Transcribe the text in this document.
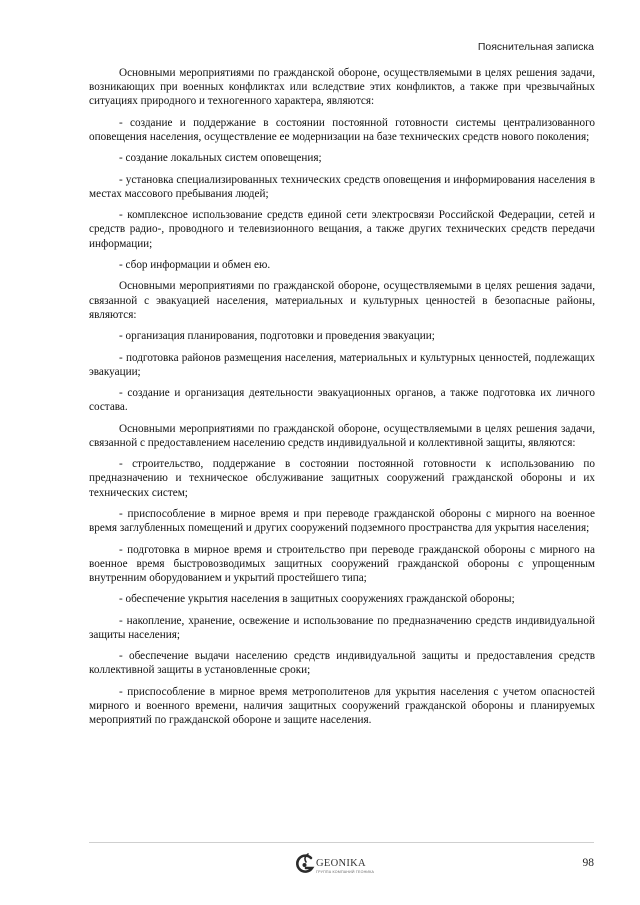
Пояснительная записка

Основными мероприятиями по гражданской обороне, осуществляемыми в целях решения задачи, возникающих при военных конфликтах или вследствие этих конфликтов, а также при чрезвычайных ситуациях природного и техногенного характера, являются:

- создание и поддержание в состоянии постоянной готовности системы централизованного оповещения населения, осуществление ее модернизации на базе технических средств нового поколения;

- создание локальных систем оповещения;

- установка специализированных технических средств оповещения и информирования населения в местах массового пребывания людей;

- комплексное использование средств единой сети электросвязи Российской Федерации, сетей и средств радио-, проводного и телевизионного вещания, а также других технических средств передачи информации;

- сбор информации и обмен ею.

Основными мероприятиями по гражданской обороне, осуществляемыми в целях решения задачи, связанной с эвакуацией населения, материальных и культурных ценностей в безопасные районы, являются:

- организация планирования, подготовки и проведения эвакуации;

- подготовка районов размещения населения, материальных и культурных ценностей, подлежащих эвакуации;

- создание и организация деятельности эвакуационных органов, а также подготовка их личного состава.

Основными мероприятиями по гражданской обороне, осуществляемыми в целях решения задачи, связанной с предоставлением населению средств индивидуальной и коллективной защиты, являются:

- строительство, поддержание в состоянии постоянной готовности к использованию по предназначению и техническое обслуживание защитных сооружений гражданской обороны и их технических систем;

- приспособление в мирное время и при переводе гражданской обороны с мирного на военное время заглубленных помещений и других сооружений подземного пространства для укрытия населения;

- подготовка в мирное время и строительство при переводе гражданской обороны с мирного на военное время быстровозводимых защитных сооружений гражданской обороны с упрощенным внутренним оборудованием и укрытий простейшего типа;

- обеспечение укрытия населения в защитных сооружениях гражданской обороны;

- накопление, хранение, освежение и использование по предназначению средств индивидуальной защиты населения;

- обеспечение выдачи населению средств индивидуальной защиты и предоставления средств коллективной защиты в установленные сроки;

- приспособление в мирное время метрополитенов для укрытия населения с учетом опасностей мирного и военного времени, наличия защитных сооружений гражданской обороны и планируемых мероприятий по гражданской обороне и защите населения.

GEONIKA
ГРУППА КОМПАНИЙ ГЕОНИКА
98
